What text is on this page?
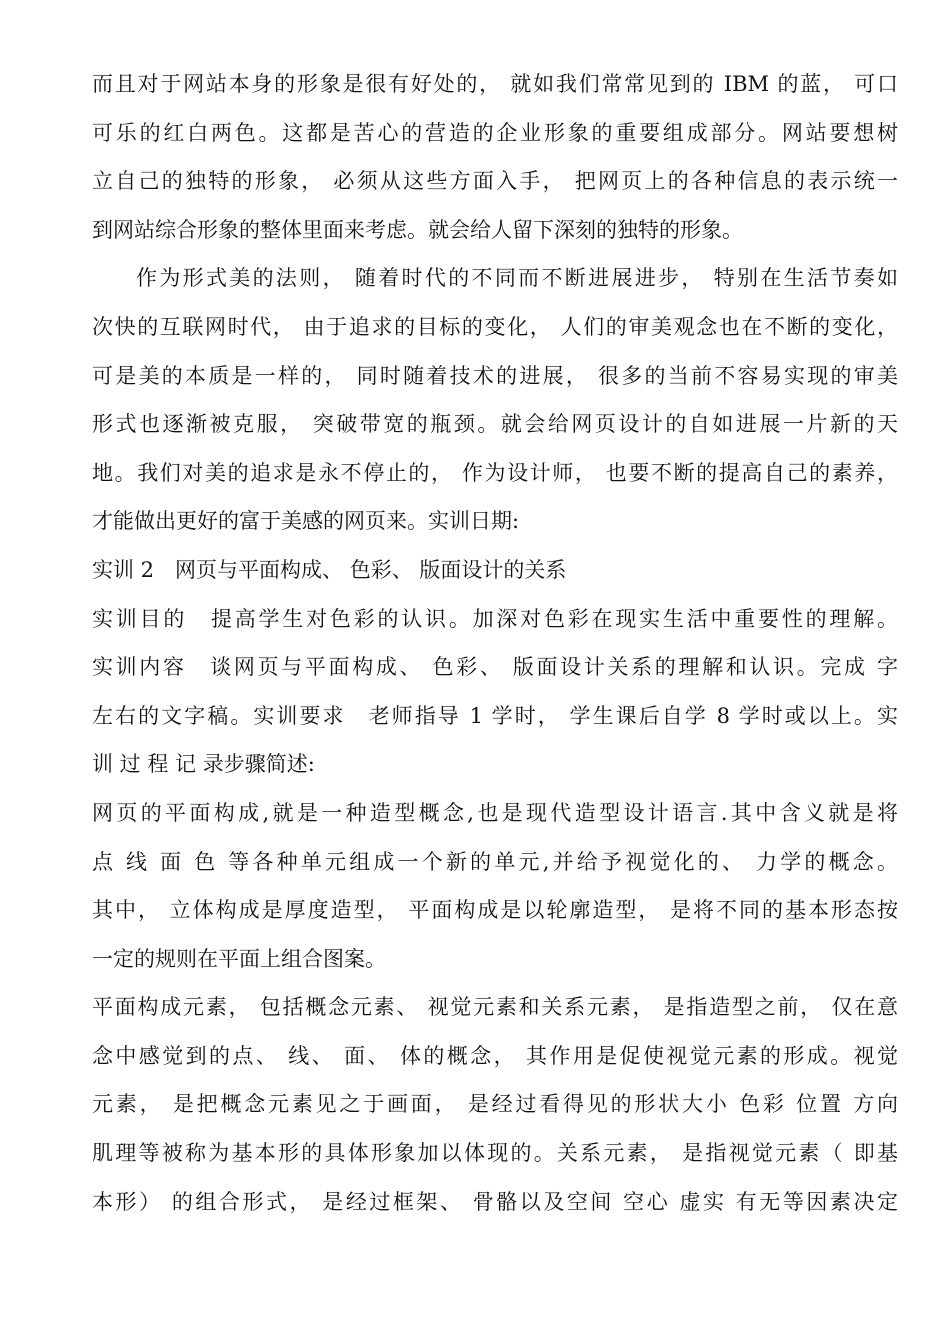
而且对于网站本身的形象是很有好处的， 就如我们常常见到的 IBM 的蓝， 可口
可乐的红白两色。这都是苦心的营造的企业形象的重要组成部分。网站要想树
立自己的独特的形象， 必须从这些方面入手， 把网页上的各种信息的表示统一
到网站综合形象的整体里面来考虑。就会给人留下深刻的独特的形象。
作为形式美的法则， 随着时代的不同而不断进展进步， 特别在生活节奏如
次快的互联网时代， 由于追求的目标的变化， 人们的审美观念也在不断的变化，
可是美的本质是一样的， 同时随着技术的进展， 很多的当前不容易实现的审美
形式也逐渐被克服， 突破带宽的瓶颈。就会给网页设计的自如进展一片新的天
地。我们对美的追求是永不停止的， 作为设计师， 也要不断的提高自己的素养，
才能做出更好的富于美感的网页来。实训日期:
实训 2　网页与平面构成、 色彩、 版面设计的关系
实训目的　提高学生对色彩的认识。加深对色彩在现实生活中重要性的理解。
实训内容　谈网页与平面构成、 色彩、 版面设计关系的理解和认识。完成 字
左右的文字稿。实训要求　老师指导 1 学时， 学生课后自学 8 学时或以上。实
训 过 程 记 录步骤简述:
网页的平面构成,就是一种造型概念,也是现代造型设计语言.其中含义就是将
点 线 面 色 等各种单元组成一个新的单元,并给予视觉化的、 力学的概念。
其中， 立体构成是厚度造型， 平面构成是以轮廓造型， 是将不同的基本形态按
一定的规则在平面上组合图案。
平面构成元素， 包括概念元素、 视觉元素和关系元素， 是指造型之前， 仅在意
念中感觉到的点、 线、 面、 体的概念， 其作用是促使视觉元素的形成。视觉
元素， 是把概念元素见之于画面， 是经过看得见的形状大小 色彩 位置 方向
肌理等被称为基本形的具体形象加以体现的。关系元素， 是指视觉元素（ 即基
本形） 的组合形式， 是经过框架、 骨骼以及空间 空心 虚实 有无等因素决定
